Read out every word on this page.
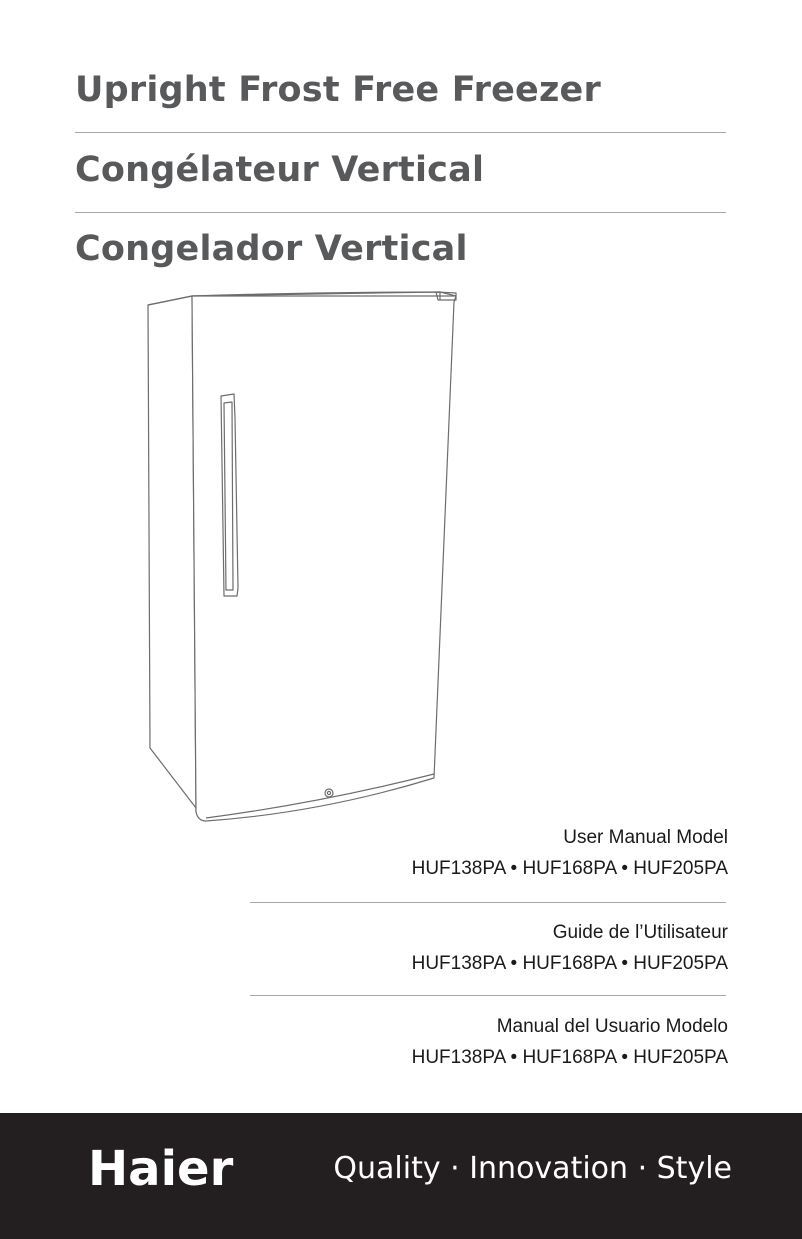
Upright Frost Free Freezer
Congélateur Vertical
Congelador Vertical
User Manual Model
HUF138PA • HUF168PA • HUF205PA
Guide de l’Utilisateur
HUF138PA • HUF168PA • HUF205PA
Manual del Usuario Modelo
HUF138PA • HUF168PA • HUF205PA
Haier	Quality · Innovation · Style
